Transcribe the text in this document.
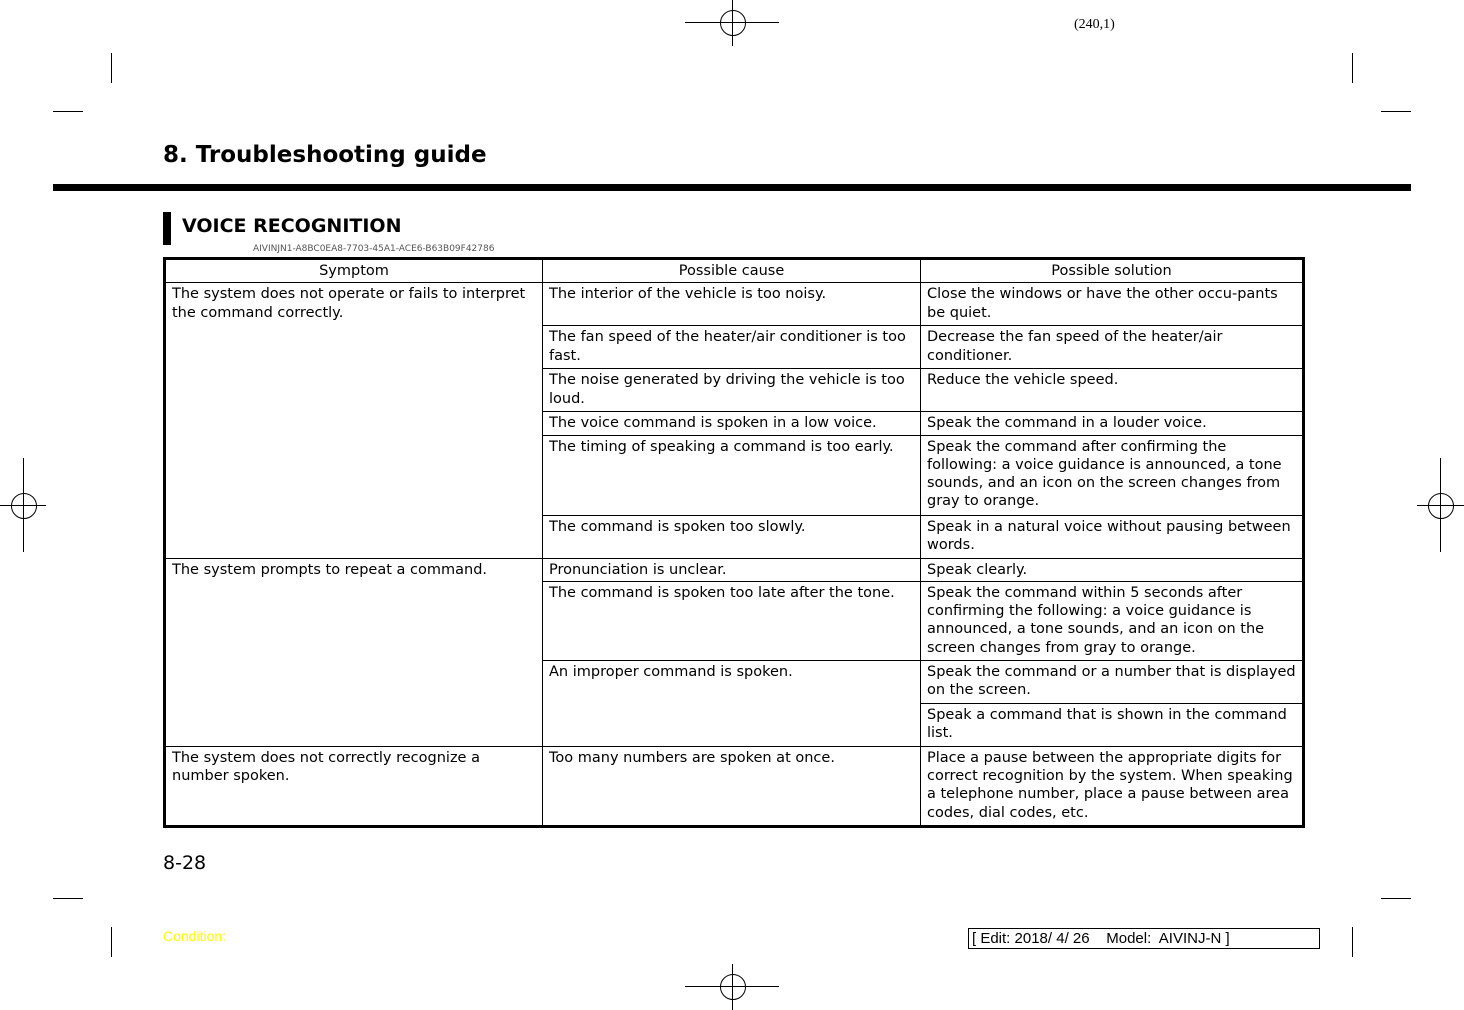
(240,1)
8. Troubleshooting guide
VOICE RECOGNITION
AIVINJN1-A8BC0EA8-7703-45A1-ACE6-B63B09F42786
Symptom	Possible cause	Possible solution
The system does not operate or fails to interpret the command correctly.	The interior of the vehicle is too noisy.	Close the windows or have the other occu-pants be quiet.
	The fan speed of the heater/air conditioner is too fast.	Decrease the fan speed of the heater/air conditioner.
	The noise generated by driving the vehicle is too loud.	Reduce the vehicle speed.
	The voice command is spoken in a low voice.	Speak the command in a louder voice.
	The timing of speaking a command is too early.	Speak the command after confirming the following: a voice guidance is announced, a tone sounds, and an icon on the screen changes from gray to orange.
	The command is spoken too slowly.	Speak in a natural voice without pausing between words.
The system prompts to repeat a command.	Pronunciation is unclear.	Speak clearly.
	The command is spoken too late after the tone.	Speak the command within 5 seconds after confirming the following: a voice guidance is announced, a tone sounds, and an icon on the screen changes from gray to orange.
	An improper command is spoken.	Speak the command or a number that is displayed on the screen.
		Speak a command that is shown in the command list.
The system does not correctly recognize a number spoken.	Too many numbers are spoken at once.	Place a pause between the appropriate digits for correct recognition by the system. When speaking a telephone number, place a pause between area codes, dial codes, etc.
8-28
Condition:	[ Edit: 2018/ 4/ 26    Model:  AIVINJ-N ]
